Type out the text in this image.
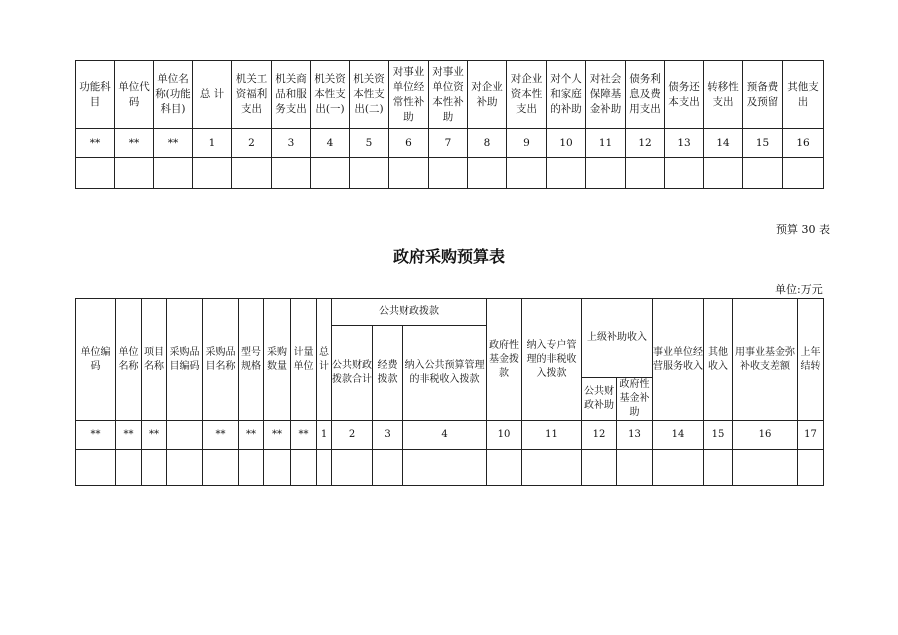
功能科目	单位代码	单位名称(功能科目)	总 计	机关工资福利支出	机关商品和服务支出	机关资本性支出(一)	机关资本性支出(二)	对事业单位经常性补助	对事业单位资本性补助	对企业补助	对企业资本性支出	对个人和家庭的补助	对社会保障基金补助	债务利息及费用支出	债务还本支出	转移性支出	预备费及预留	其他支出
**	**	**	1	2	3	4	5	6	7	8	9	10	11	12	13	14	15	16

预算 30 表
政府采购预算表
单位:万元
单位编码	单位名称	项目名称	采购品目编码	采购品目名称	型号规格	采购数量	计量单位	总计	公共财政拨款			政府性基金拨款	纳入专户管理的非税收入拨款	上级补助收入		事业单位经营服务收入	其他收入	用事业基金弥补收支差额	上年结转
									公共财政拨款合计	经费拨款	纳入公共预算管理的非税收入拨款								
														公共财政补助	政府性基金补助				
**	**	**		**	**	**	**	1	2	3	4	10	11	12	13	14	15	16	17
